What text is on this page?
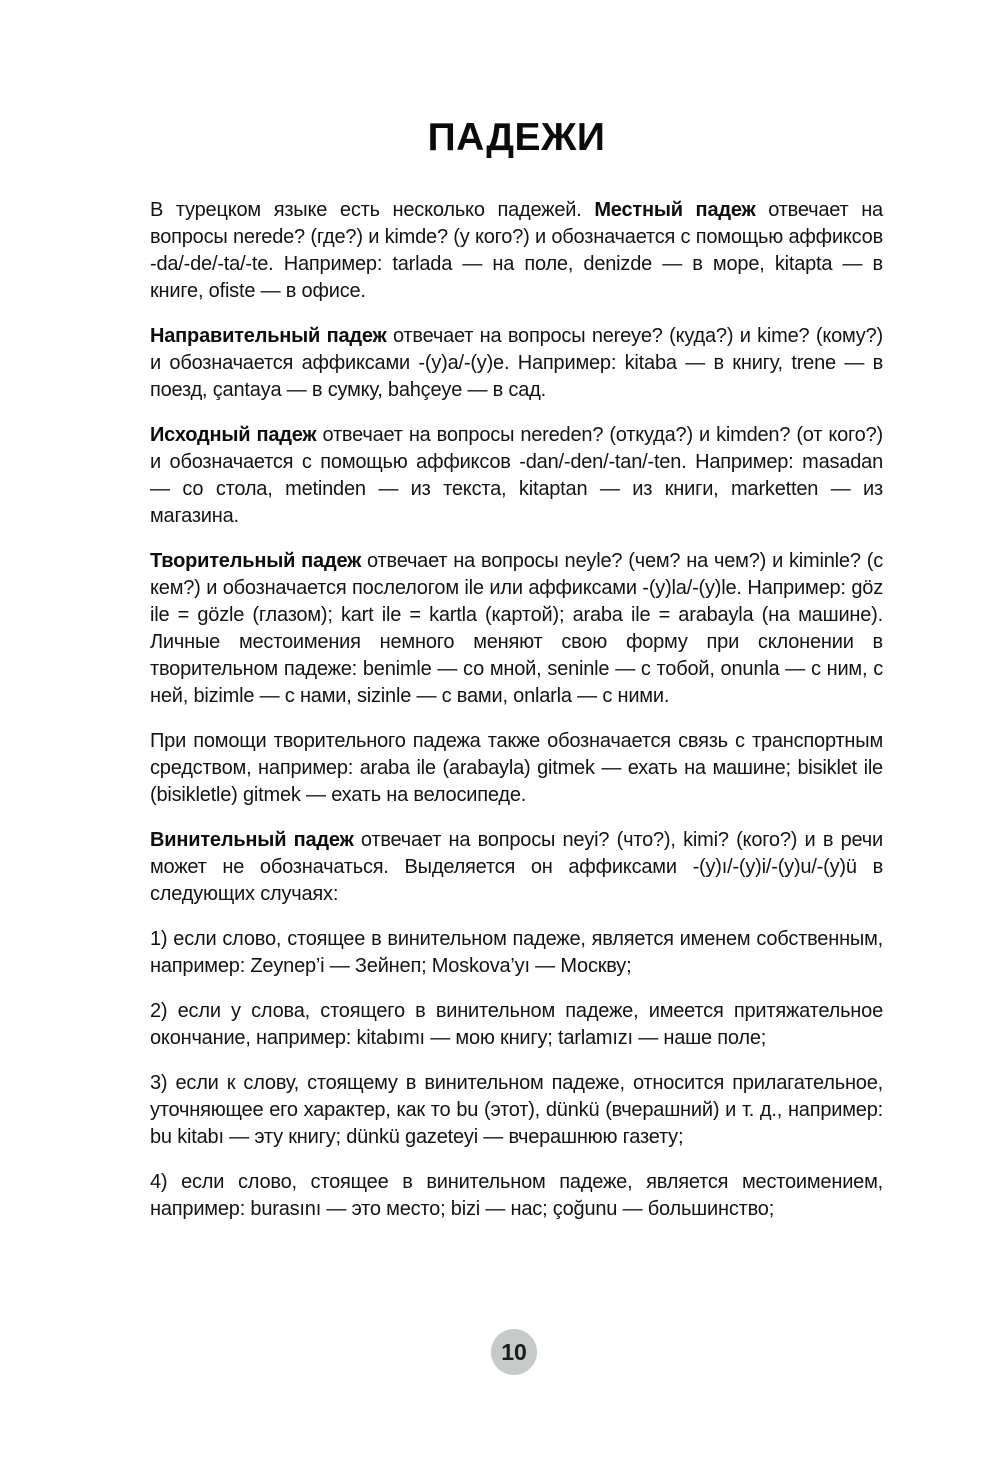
ПАДЕЖИ

В турецком языке есть несколько падежей. Местный падеж отвечает на вопросы nerede? (где?) и kimde? (у кого?) и обозначается с помощью аффиксов -da/-de/-ta/-te. Например: tarlada — на поле, denizde — в море, kitapta — в книге, ofiste — в офисе.

Направительный падеж отвечает на вопросы nereye? (куда?) и kime? (кому?) и обозначается аффиксами -(y)a/-(y)e. Например: kitaba — в книгу, trene — в поезд, çantaya — в сумку, bahçeye — в сад.

Исходный падеж отвечает на вопросы nereden? (откуда?) и kimden? (от кого?) и обозначается с помощью аффиксов -dan/-den/-tan/-ten. Например: masadan — со стола, metinden — из текста, kitaptan — из книги, marketten — из магазина.

Творительный падеж отвечает на вопросы neyle? (чем? на чем?) и kiminle? (с кем?) и обозначается послелогом ile или аффиксами -(y)la/-(y)le. Например: göz ile = gözle (глазом); kart ile = kartla (картой); araba ile = arabayla (на машине). Личные местоимения немного меняют свою форму при склонении в творительном падеже: benimle — со мной, seninle — с тобой, onunla — с ним, с ней, bizimle — с нами, sizinle — с вами, onlarla — с ними.

При помощи творительного падежа также обозначается связь с транспортным средством, например: araba ile (arabayla) gitmek — ехать на машине; bisiklet ile (bisikletle) gitmek — ехать на велосипеде.

Винительный падеж отвечает на вопросы neyi? (что?), kimi? (кого?) и в речи может не обозначаться. Выделяется он аффиксами -(y)ı/-(y)i/-(y)u/-(y)ü в следующих случаях:

1) если слово, стоящее в винительном падеже, является именем собственным, например: Zeynep’i — Зейнеп; Moskova’yı — Москву;

2) если у слова, стоящего в винительном падеже, имеется притяжательное окончание, например: kitabımı — мою книгу; tarlamızı — наше поле;

3) если к слову, стоящему в винительном падеже, относится прилагательное, уточняющее его характер, как то bu (этот), dünkü (вчерашний) и т. д., например: bu kitabı — эту книгу; dünkü gazeteyi — вчерашнюю газету;

4) если слово, стоящее в винительном падеже, является местоимением, например: burasını — это место; bizi — нас; çoğunu — большинство;

10
